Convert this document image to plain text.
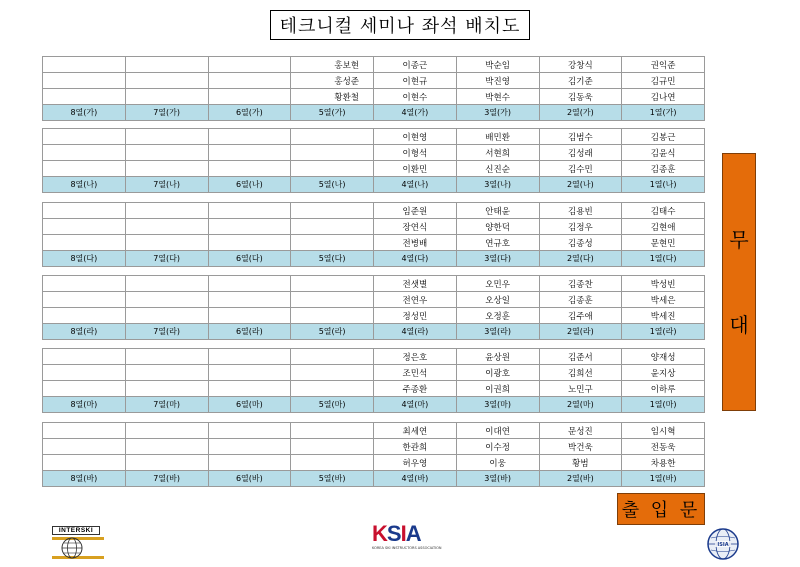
테크니컬 세미나 좌석 배치도
			홍보현	이종근	박순임	강창식	권익준
			홍성준	이현규	박진영	김기준	김규민
			황환철	이현수	박현수	김동욱	김나연
8열(가)	7열(가)	6열(가)	5열(가)	4열(가)	3열(가)	2열(가)	1열(가)
				이현영	배민환	김범수	김봉근
				이형석	서현희	김성래	김윤식
				이환민	신진순	김수민	김종훈
8열(나)	7열(나)	6열(나)	5열(나)	4열(나)	3열(나)	2열(나)	1열(나)
				임준원	안태윤	김용빈	김태수
				장연식	양한덕	김정우	김현애
				전병배	연규호	김종성	문현민
8열(다)	7열(다)	6열(다)	5열(다)	4열(다)	3열(다)	2열(다)	1열(다)
				전샛별	오민우	김종찬	박성빈
				전연우	오상일	김종훈	박세은
				정성민	오정훈	김주애	박세진
8열(라)	7열(라)	6열(라)	5열(라)	4열(라)	3열(라)	2열(라)	1열(라)
				정은호	윤상원	김준서	양재성
				조민석	이광호	김희선	윤지상
				주종환	이권희	노민구	이하루
8열(마)	7열(마)	6열(마)	5열(마)	4열(마)	3열(마)	2열(마)	1열(마)
				최세연	이대연	문성진	임시혁
				한관희	이수정	박건욱	전동욱
				허우영	이웅	황범	차용한
8열(바)	7열(바)	6열(바)	5열(바)	4열(바)	3열(바)	2열(바)	1열(바)
무
대
출 입 문
INTERSKI	KSIA
KOREA SKI INSTRUCTORS ASSOCIATION	ISIA
